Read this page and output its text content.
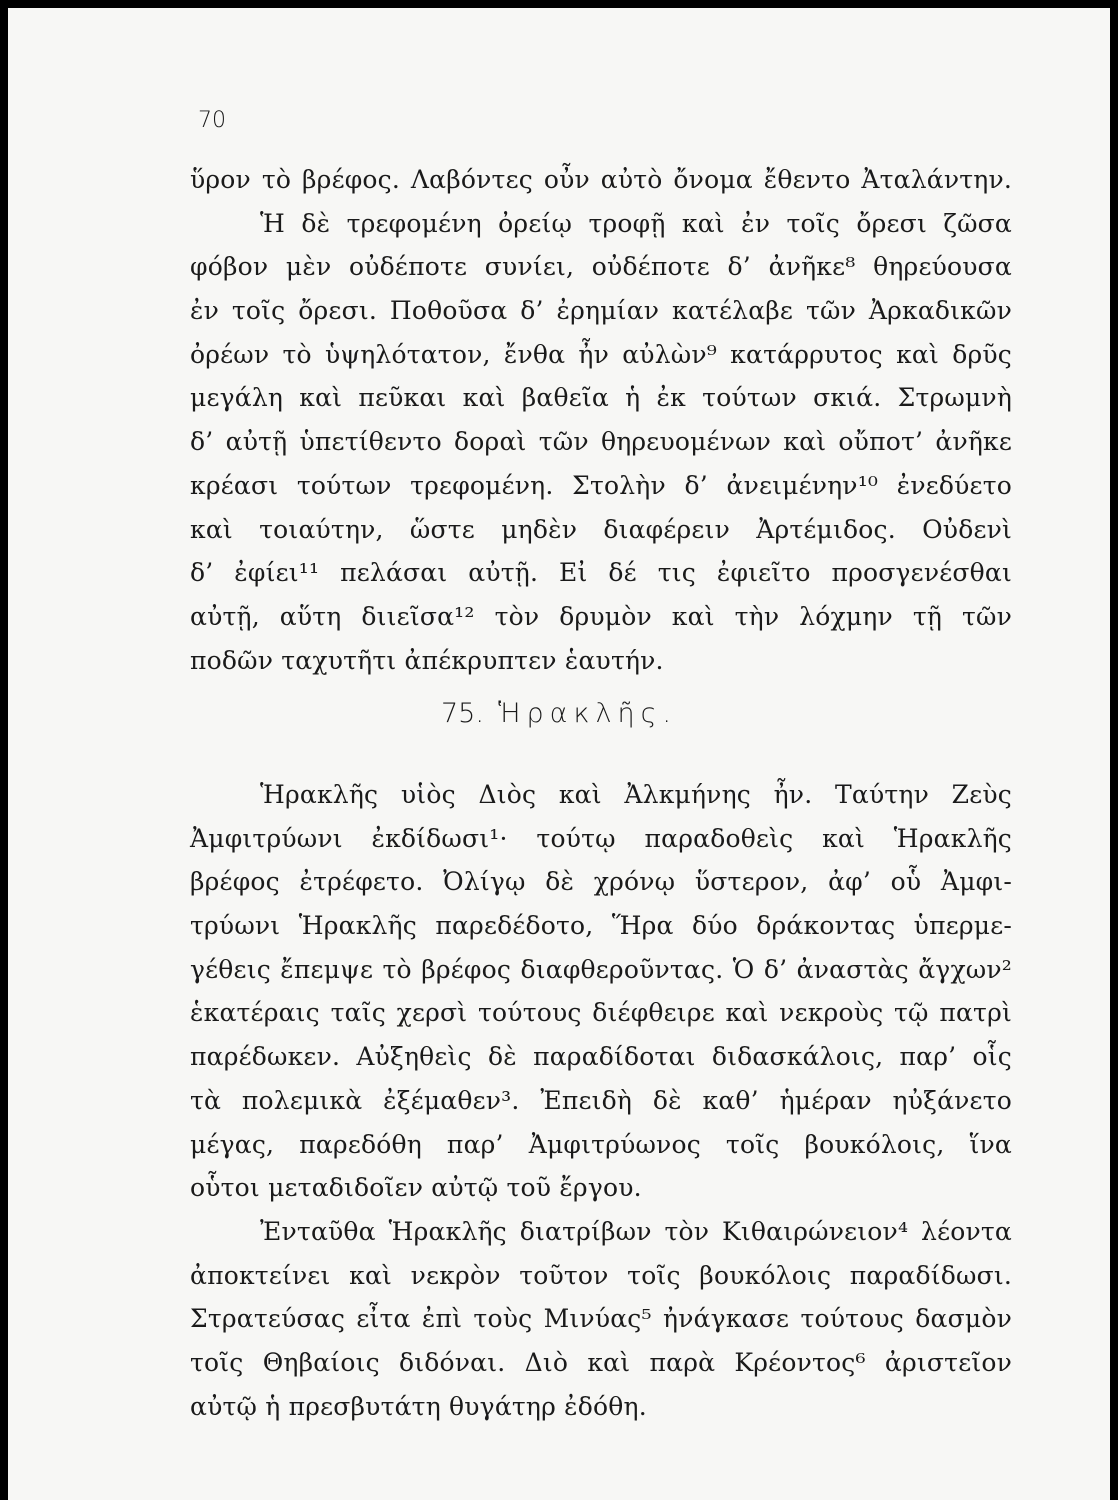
70
ὕρον τὸ βρέφος. Λαβόντες οὖν αὐτὸ ὄνομα ἔθεντο Ἀταλάντην.
Ἡ δὲ τρεφομένη ὀρείῳ τροφῇ καὶ ἐν τοῖς ὄρεσι ζῶσα
φόβον μὲν οὐδέποτε συνίει, οὐδέποτε δ’ ἀνῆκε⁸ θηρεύουσα
ἐν τοῖς ὄρεσι. Ποθοῦσα δ’ ἐρημίαν κατέλαβε τῶν Ἀρκαδικῶν
ὀρέων τὸ ὑψηλότατον, ἔνθα ἦν αὐλὼν⁹ κατάρρυτος καὶ δρῦς
μεγάλη καὶ πεῦκαι καὶ βαθεῖα ἡ ἐκ τούτων σκιά. Στρωμνὴ
δ’ αὐτῇ ὑπετίθεντο δοραὶ τῶν θηρευομένων καὶ οὔποτ’ ἀνῆκε
κρέασι τούτων τρεφομένη. Στολὴν δ’ ἀνειμένην¹⁰ ἐνεδύετο
καὶ τοιαύτην, ὥστε μηδὲν διαφέρειν Ἀρτέμιδος. Οὐδενὶ
δ’ ἐφίει¹¹ πελάσαι αὐτῇ. Εἰ δέ τις ἐφιεῖτο προσγενέσθαι
αὐτῇ, αὕτη διιεῖσα¹² τὸν δρυμὸν καὶ τὴν λόχμην τῇ τῶν
ποδῶν ταχυτῆτι ἀπέκρυπτεν ἑαυτήν.
75. Ἡρακλῆς.
Ἡρακλῆς υἱὸς Διὸς καὶ Ἀλκμήνης ἦν. Ταύτην Ζεὺς
Ἀμφιτρύωνι ἐκδίδωσι¹· τούτῳ παραδοθεὶς καὶ Ἡρακλῆς
βρέφος ἐτρέφετο. Ὀλίγῳ δὲ χρόνῳ ὕστερον, ἀφ’ οὗ Ἀμφι-
τρύωνι Ἡρακλῆς παρεδέδοτο, Ἥρα δύο δράκοντας ὑπερμε-
γέθεις ἔπεμψε τὸ βρέφος διαφθεροῦντας. Ὁ δ’ ἀναστὰς ἄγχων²
ἑκατέραις ταῖς χερσὶ τούτους διέφθειρε καὶ νεκροὺς τῷ πατρὶ
παρέδωκεν. Αὐξηθεὶς δὲ παραδίδοται διδασκάλοις, παρ’ οἷς
τὰ πολεμικὰ ἐξέμαθεν³. Ἐπειδὴ δὲ καθ’ ἡμέραν ηὐξάνετο
μέγας, παρεδόθη παρ’ Ἀμφιτρύωνος τοῖς βουκόλοις, ἵνα
οὗτοι μεταδιδοῖεν αὐτῷ τοῦ ἔργου.
Ἐνταῦθα Ἡρακλῆς διατρίβων τὸν Κιθαιρώνειον⁴ λέοντα
ἀποκτείνει καὶ νεκρὸν τοῦτον τοῖς βουκόλοις παραδίδωσι.
Στρατεύσας εἶτα ἐπὶ τοὺς Μινύας⁵ ἠνάγκασε τούτους δασμὸν
τοῖς Θηβαίοις διδόναι. Διὸ καὶ παρὰ Κρέοντος⁶ ἀριστεῖον
αὐτῷ ἡ πρεσβυτάτη θυγάτηρ ἐδόθη.
